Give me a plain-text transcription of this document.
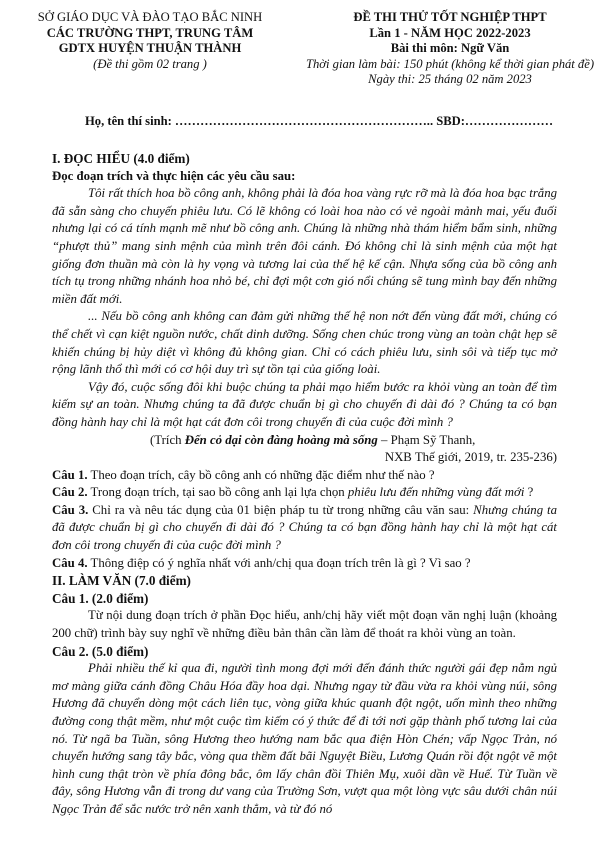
SỞ GIÁO DỤC VÀ ĐÀO TẠO BẮC NINH
CÁC TRƯỜNG THPT, TRUNG TÂM
GDTX HUYỆN THUẬN THÀNH
(Đề thi gồm 02 trang )
ĐỀ THI THỬ TỐT NGHIỆP THPT
Lần 1 - NĂM HỌC 2022-2023
Bài thi môn: Ngữ Văn
Thời gian làm bài: 150 phút (không kể thời gian phát đề)
Ngày thi: 25 tháng 02 năm 2023
Họ, tên thí sinh: …………………………………………………….. SBD:…………………

I. ĐỌC HIỂU (4.0 điểm)

Đọc đoạn trích và thực hiện các yêu cầu sau:

Tôi rất thích hoa bồ công anh, không phải là đóa hoa vàng rực rỡ mà là đóa hoa bạc trắng đã sẵn sàng cho chuyến phiêu lưu. Có lẽ không có loài hoa nào có vẻ ngoài mảnh mai, yếu đuối nhưng lại có cá tính mạnh mẽ như bồ công anh. Chúng là những nhà thám hiểm bẩm sinh, những “phượt thủ” mang sinh mệnh của mình trên đôi cánh. Đó không chỉ là sinh mệnh của một hạt giống đơn thuần mà còn là hy vọng và tương lai của thế hệ kế cận. Nhựa sống của bồ công anh tích tụ trong những nhánh hoa nhỏ bé, chỉ đợi một cơn gió nổi chúng sẽ tung mình bay đến những miền đất mới.

... Nếu bồ công anh không can đảm gửi những thế hệ non nớt đến vùng đất mới, chúng có thể chết vì cạn kiệt nguồn nước, chất dinh dưỡng. Sống chen chúc trong vùng an toàn chật hẹp sẽ khiến chúng bị hủy diệt vì không đủ không gian. Chỉ có cách phiêu lưu, sinh sôi và tiếp tục mở rộng lãnh thổ thì mới có cơ hội duy trì sự tồn tại của giống loài.

Vậy đó, cuộc sống đôi khi buộc chúng ta phải mạo hiểm bước ra khỏi vùng an toàn để tìm kiếm sự an toàn. Nhưng chúng ta đã được chuẩn bị gì cho chuyến đi dài đó ? Chúng ta có bạn đồng hành hay chỉ là một hạt cát đơn côi trong chuyến đi của cuộc đời mình ?

(Trích Đến cỏ dại còn đàng hoàng mà sống – Phạm Sỹ Thanh,

NXB Thế giới, 2019, tr. 235-236)

Câu 1. Theo đoạn trích, cây bồ công anh có những đặc điểm như thế nào ?

Câu 2. Trong đoạn trích, tại sao bồ công anh lại lựa chọn phiêu lưu đến những vùng đất mới ?

Câu 3. Chỉ ra và nêu tác dụng của 01 biện pháp tu từ trong những câu văn sau: Nhưng chúng ta đã được chuẩn bị gì cho chuyến đi dài đó ? Chúng ta có bạn đồng hành hay chỉ là một hạt cát đơn côi trong chuyến đi của cuộc đời mình ?

Câu 4. Thông điệp có ý nghĩa nhất với anh/chị qua đoạn trích trên là gì ? Vì sao ?

II. LÀM VĂN (7.0 điểm)

Câu 1. (2.0 điểm)

Từ nội dung đoạn trích ở phần Đọc hiểu, anh/chị hãy viết một đoạn văn nghị luận (khoảng 200 chữ) trình bày suy nghĩ về những điều bản thân cần làm để thoát ra khỏi vùng an toàn.

Câu 2. (5.0 điểm)

Phải nhiều thế kỉ qua đi, người tình mong đợi mới đến đánh thức người gái đẹp nằm ngủ mơ màng giữa cánh đồng Châu Hóa đầy hoa dại. Nhưng ngay từ đầu vừa ra khỏi vùng núi, sông Hương đã chuyển dòng một cách liên tục, vòng giữa khúc quanh đột ngột, uốn mình theo những đường cong thật mềm, như một cuộc tìm kiếm có ý thức để đi tới nơi gặp thành phố tương lai của nó. Từ ngã ba Tuần, sông Hương theo hướng nam bắc qua điện Hòn Chén; vấp Ngọc Trản, nó chuyển hướng sang tây bắc, vòng qua thềm đất bãi Nguyệt Biều, Lương Quán rồi đột ngột vẽ một hình cung thật tròn về phía đông bắc, ôm lấy chân đồi Thiên Mụ, xuôi dần về Huế. Từ Tuần về đây, sông Hương vẫn đi trong dư vang của Trường Sơn, vượt qua một lòng vực sâu dưới chân núi Ngọc Trản để sắc nước trở nên xanh thẳm, và từ đó nó
